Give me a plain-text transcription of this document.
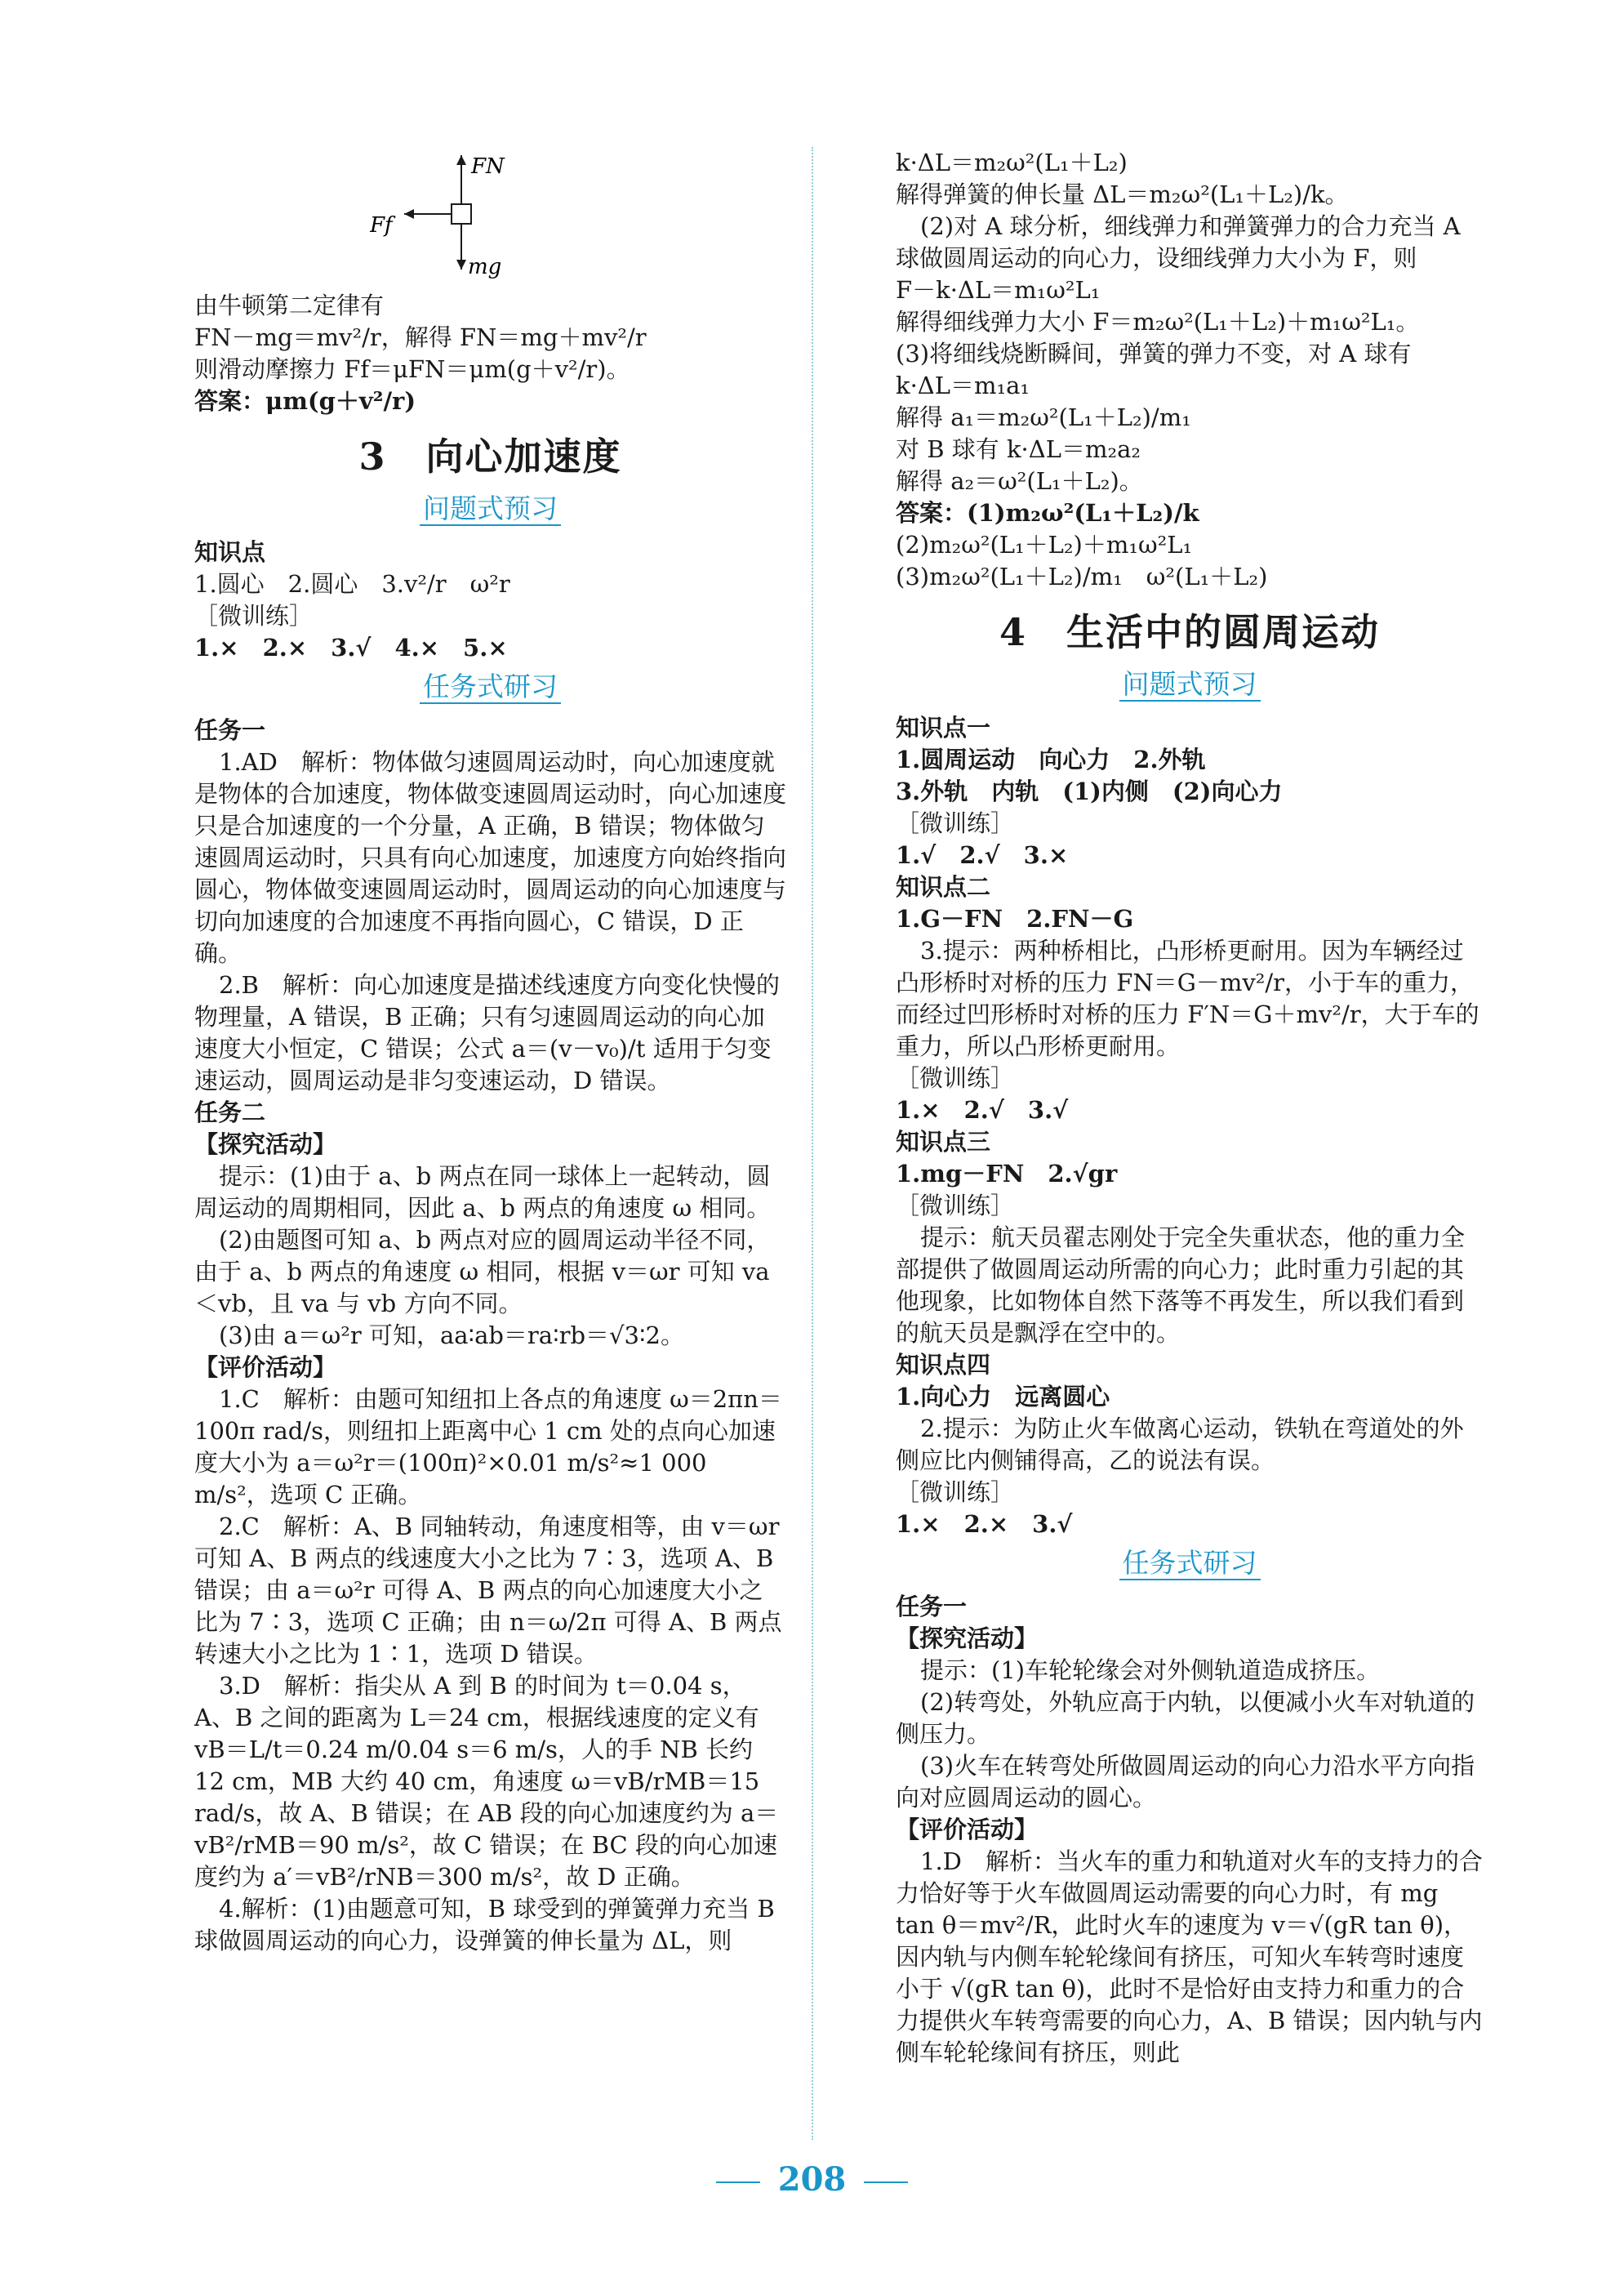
FN
Ff
mg

由牛顿第二定律有

FN－mg＝mv²/r，解得 FN＝mg＋mv²/r

则滑动摩擦力 Ff＝μFN＝μm(g＋v²/r)。

答案：μm(g＋v²/r)

3　向心加速度
问题式预习

知识点

1.圆心　2.圆心　3.v²/r　ω²r

［微训练］

1.×　2.×　3.√　4.×　5.×

任务式研习

任务一

1.AD　解析：物体做匀速圆周运动时，向心加速度就是物体的合加速度，物体做变速圆周运动时，向心加速度只是合加速度的一个分量，A 正确，B 错误；物体做匀速圆周运动时，只具有向心加速度，加速度方向始终指向圆心，物体做变速圆周运动时，圆周运动的向心加速度与切向加速度的合加速度不再指向圆心，C 错误，D 正确。

2.B　解析：向心加速度是描述线速度方向变化快慢的物理量，A 错误，B 正确；只有匀速圆周运动的向心加速度大小恒定，C 错误；公式 a＝(v－v₀)/t 适用于匀变速运动，圆周运动是非匀变速运动，D 错误。

任务二

【探究活动】

提示：(1)由于 a、b 两点在同一球体上一起转动，圆周运动的周期相同，因此 a、b 两点的角速度 ω 相同。

(2)由题图可知 a、b 两点对应的圆周运动半径不同，由于 a、b 两点的角速度 ω 相同，根据 v＝ωr 可知 va＜vb，且 va 与 vb 方向不同。

(3)由 a＝ω²r 可知，aa∶ab＝ra∶rb＝√3∶2。

【评价活动】

1.C　解析：由题可知纽扣上各点的角速度 ω＝2πn＝100π rad/s，则纽扣上距离中心 1 cm 处的点向心加速度大小为 a＝ω²r＝(100π)²×0.01 m/s²≈1 000 m/s²，选项 C 正确。

2.C　解析：A、B 同轴转动，角速度相等，由 v＝ωr 可知 A、B 两点的线速度大小之比为 7∶3，选项 A、B 错误；由 a＝ω²r 可得 A、B 两点的向心加速度大小之比为 7∶3，选项 C 正确；由 n＝ω/2π 可得 A、B 两点转速大小之比为 1∶1，选项 D 错误。

3.D　解析：指尖从 A 到 B 的时间为 t＝0.04 s，A、B 之间的距离为 L＝24 cm，根据线速度的定义有 vB＝L/t＝0.24 m/0.04 s＝6 m/s，人的手 NB 长约 12 cm，MB 大约 40 cm，角速度 ω＝vB/rMB＝15 rad/s，故 A、B 错误；在 AB 段的向心加速度约为 a＝vB²/rMB＝90 m/s²，故 C 错误；在 BC 段的向心加速度约为 a′＝vB²/rNB＝300 m/s²，故 D 正确。

4.解析：(1)由题意可知，B 球受到的弹簧弹力充当 B 球做圆周运动的向心力，设弹簧的伸长量为 ΔL，则

k·ΔL＝m₂ω²(L₁＋L₂)

解得弹簧的伸长量 ΔL＝m₂ω²(L₁＋L₂)/k。

(2)对 A 球分析，细线弹力和弹簧弹力的合力充当 A 球做圆周运动的向心力，设细线弹力大小为 F，则

F－k·ΔL＝m₁ω²L₁

解得细线弹力大小 F＝m₂ω²(L₁＋L₂)＋m₁ω²L₁。

(3)将细线烧断瞬间，弹簧的弹力不变，对 A 球有

k·ΔL＝m₁a₁

解得 a₁＝m₂ω²(L₁＋L₂)/m₁

对 B 球有 k·ΔL＝m₂a₂

解得 a₂＝ω²(L₁＋L₂)。

答案：(1)m₂ω²(L₁＋L₂)/k

(2)m₂ω²(L₁＋L₂)＋m₁ω²L₁

(3)m₂ω²(L₁＋L₂)/m₁　ω²(L₁＋L₂)

4　生活中的圆周运动
问题式预习

知识点一

1.圆周运动　向心力　2.外轨

3.外轨　内轨　(1)内侧　(2)向心力

［微训练］

1.√　2.√　3.×

知识点二

1.G－FN　2.FN－G

3.提示：两种桥相比，凸形桥更耐用。因为车辆经过凸形桥时对桥的压力 FN＝G－mv²/r，小于车的重力，而经过凹形桥时对桥的压力 F′N＝G＋mv²/r，大于车的重力，所以凸形桥更耐用。

［微训练］

1.×　2.√　3.√

知识点三

1.mg－FN　2.√gr

［微训练］

提示：航天员翟志刚处于完全失重状态，他的重力全部提供了做圆周运动所需的向心力；此时重力引起的其他现象，比如物体自然下落等不再发生，所以我们看到的航天员是飘浮在空中的。

知识点四

1.向心力　远离圆心

2.提示：为防止火车做离心运动，铁轨在弯道处的外侧应比内侧铺得高，乙的说法有误。

［微训练］

1.×　2.×　3.√

任务式研习

任务一

【探究活动】

提示：(1)车轮轮缘会对外侧轨道造成挤压。

(2)转弯处，外轨应高于内轨，以便减小火车对轨道的侧压力。

(3)火车在转弯处所做圆周运动的向心力沿水平方向指向对应圆周运动的圆心。

【评价活动】

1.D　解析：当火车的重力和轨道对火车的支持力的合力恰好等于火车做圆周运动需要的向心力时，有 mg tan θ＝mv²/R，此时火车的速度为 v＝√(gR tan θ)，因内轨与内侧车轮轮缘间有挤压，可知火车转弯时速度小于 √(gR tan θ)，此时不是恰好由支持力和重力的合力提供火车转弯需要的向心力，A、B 错误；因内轨与内侧车轮轮缘间有挤压，则此

208
